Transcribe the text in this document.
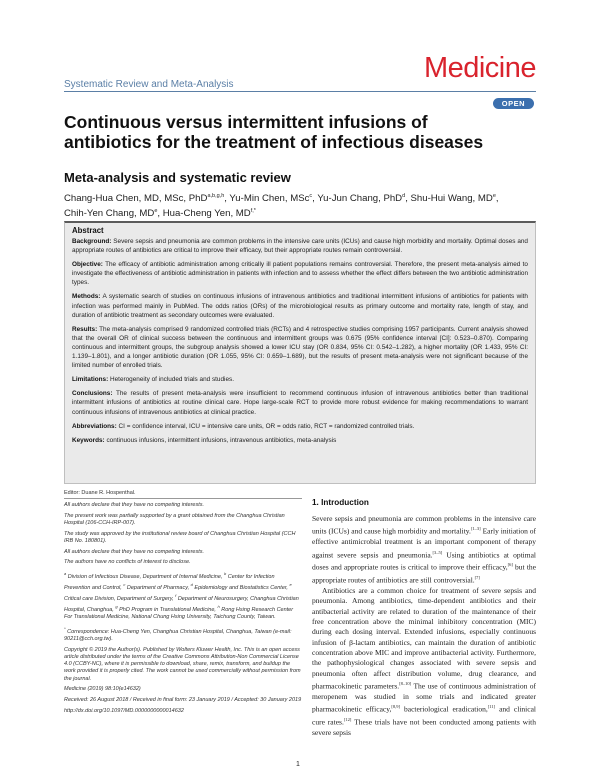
Systematic Review and Meta-Analysis
Medicine
OPEN
Continuous versus intermittent infusions of antibiotics for the treatment of infectious diseases
Meta-analysis and systematic review
Chang-Hua Chen, MD, MSc, PhD$^{a,b,g,h}$, Yu-Min Chen, MSc$^c$, Yu-Jun Chang, PhD$^d$, Shu-Hui Wang, MDe,
Chih-Yen Chang, MDe, Hua-Cheng Yen, $MD^{f,*}$
Abstract

Background: Severe sepsis and pneumonia are common problems in the intensive care units (ICUs) and cause high morbidity and mortality. Optimal doses and appropriate routes of antibiotics are critical to improve their efficacy, but their appropriate routes remain controversial.

Objective: The efficacy of antibiotic administration among critically ill patient populations remains controversial. Therefore, the present meta-analysis aimed to investigate the effectiveness of antibiotic administration in patients with infection and to assess whether the effect differs between the two antibiotic administration types.

Methods: A systematic search of studies on continuous infusions of intravenous antibiotics and traditional intermittent infusions of antibiotics for patients with infection was performed mainly in PubMed. The odds ratios (ORs) of the microbiological results as primary outcome and mortality rate, length of stay, and duration of antibiotic treatment as secondary outcomes were evaluated.

Results: The meta-analysis comprised 9 randomized controlled trials (RCTs) and 4 retrospective studies comprising 1957 participants. Current analysis showed that the overall OR of clinical success between the continuous and intermittent groups was 0.675 (95% confidence interval [CI]: 0.523–0.870). Comparing continuous and intermittent groups, the subgroup analysis showed a lower ICU stay (OR 0.834, 95% CI: 0.542–1.282), a higher mortality (OR 1.433, 95% CI: 1.139–1.801), and a longer antibiotic duration (OR 1.055, 95% CI: 0.659–1.689), but the results of present meta-analysis were not significant because of the limited number of enrolled trials.

Limitations: Heterogeneity of included trials and studies.

Conclusions: The results of present meta-analysis were insufficient to recommend continuous infusion of intravenous antibiotics better than traditional intermittent infusions of antibiotics at routine clinical care. Hope large-scale RCT to provide more robust evidence for making recommendations to warrant continuous infusions of intravenous antibiotics at clinical practice.

Abbreviations: CI = confidence interval, ICU = intensive care units, OR = odds ratio, RCT = randomized controlled trials.

Keywords: continuous infusions, intermittent infusions, intravenous antibiotics, meta-analysis

Editor: Duane R. Hospenthal.

All authors declare that they have no competing interests.

The present work was partially supported by a grant obtained from the Changhua Christian Hospital (106-CCH-IRP-007).

The study was approved by the institutional review board of Changhua Christian Hospital (CCH IRB No. 180801).

All authors declare that they have no competing interests.

The authors have no conflicts of interest to disclose.

$^a$ Division of Infectious Disease, Department of Internal Medicine, $^b$ Center for Infection Prevention and Control, $^c$ Department of Pharmacy, $^d$ Epidemiology and Biostatistics Center, $^e$ Critical care Division, Department of Surgery, $^f$ Department of Neurosurgery, Changhua Christian Hospital, Changhua, $^g$ PhD Program in Translational Medicine, $^h$ Rong Hsing Research Center For Translational Medicine, National Chung Hsing University, Taichung County, Taiwan.

* Correspondence: Hua-Cheng Yen, Changhua Christian Hospital, Changhua, Taiwan (e-mail: 90211@cch.org.tw).

Copyright © 2019 the Author(s). Published by Wolters Kluwer Health, Inc. This is an open access article distributed under the terms of the Creative Commons Attribution-Non Commercial License 4.0 (CCBY-NC), where it is permissible to download, share, remix, transform, and buildup the work provided it is properly cited. The work cannot be used commercially without permission from the journal.

Medicine (2019) 98:10(e14632)

Received: 26 August 2018 / Received in final form: 23 January 2019 / Accepted: 30 January 2019

http://dx.doi.org/10.1097/MD.0000000000014632

1. Introduction

Severe sepsis and pneumonia are common problems in the intensive care units (ICUs) and cause high morbidity and mortality.[1–3] Early initiation of effective antimicrobial treatment is an important component of therapy against severe sepsis and pneumonia.[3–5] Using antibiotics at optimal doses and appropriate routes is critical to improve their efficacy,[6] but the appropriate routes of antibiotics are still controversial.[7]

Antibiotics are a common choice for treatment of severe sepsis and pneumonia. Among antibiotics, time-dependent antibiotics and their antibacterial activity are related to duration of the maintenance of their free concentration above the minimal inhibitory concentration (MIC) during each dosing interval. Extended infusions, especially continuous infusion of β-lactam antibiotics, can maintain the duration of antibiotic concentration above MIC and improve antibacterial activity. Furthermore, the pathophysiological changes associated with severe sepsis and pneumonia often affect distribution volume, drug clearance, and pharmacokinetic parameters.[8–10] The use of continuous administration of meropenem was studied in some trials and indicated greater pharmacokinetic efficacy,[8,9] bacteriological eradication,[11] and clinical cure rates.[12] These trials have not been conducted among patients with severe sepsis

1
